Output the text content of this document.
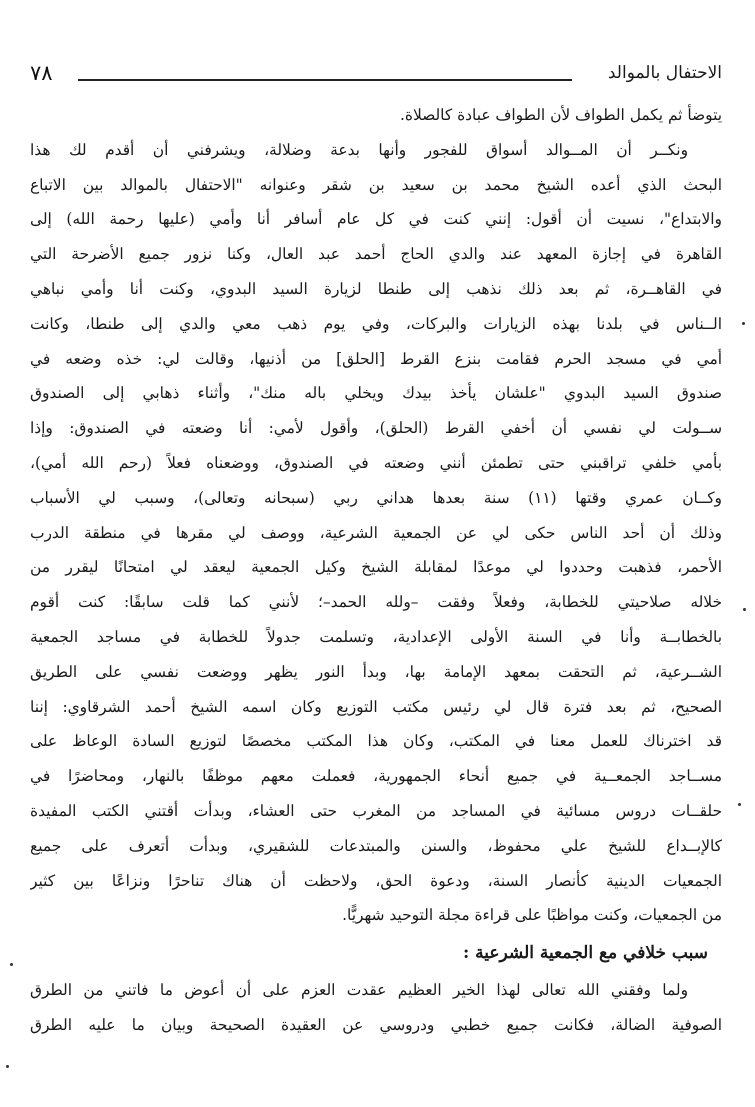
٧٨	الاحتفال بالموالد
يتوضأ ثم يكمل الطواف لأن الطواف عبادة كالصلاة.
ونكــر أن المــوالد أسواق للفجور وأنها بدعة وضلالة، ويشرفني أن أقدم لك هذا
البحث الذي أعده الشيخ محمد بن سعيد بن شقر وعنوانه "الاحتفال بالموالد بين الاتباع
والابتداع"، نسيت أن أقول: إنني كنت في كل عام أسافر أنا وأمي (عليها رحمة الله) إلى
القاهرة في إجازة المعهد عند والدي الحاج أحمد عبد العال، وكنا نزور جميع الأضرحة التي
في القاهــرة، ثم بعد ذلك نذهب إلى طنطا لزيارة السيد البدوي، وكنت أنا وأمي نباهي
الــناس في بلدنا بهذه الزيارات والبركات، وفي يوم ذهب معي والدي إلى طنطا، وكانت
أمي في مسجد الحرم فقامت بنزع القرط [الحلق] من أذنيها، وقالت لي: خذه وضعه في
صندوق السيد البدوي "علشان يأخذ بيدك ويخلي باله منك"، وأثناء ذهابي إلى الصندوق
ســولت لي نفسي أن أخفي القرط (الحلق)، وأقول لأمي: أنا وضعته في الصندوق: وإذا
بأمي خلفي تراقبني حتى تطمئن أنني وضعته في الصندوق، ووضعناه فعلاً (رحم الله أمي)،
وكــان عمري وقتها (١١) سنة بعدها هداني ربي (سبحانه وتعالى)، وسبب لي الأسباب
وذلك أن أحد الناس حكى لي عن الجمعية الشرعية، ووصف لي مقرها في منطقة الدرب
الأحمر، فذهبت وحددوا لي موعدًا لمقابلة الشيخ وكيل الجمعية ليعقد لي امتحانًا ليقرر من
خلاله صلاحيتي للخطابة، وفعلاً وفقت –ولله الحمد–؛ لأنني كما قلت سابقًا: كنت أقوم
بالخطابــة وأنا في السنة الأولى الإعدادية، وتسلمت جدولاً للخطابة في مساجد الجمعية
الشــرعية، ثم التحقت بمعهد الإمامة بها، وبدأ النور يظهر ووضعت نفسي على الطريق
الصحيح، ثم بعد فترة قال لي رئيس مكتب التوزيع وكان اسمه الشيخ أحمد الشرقاوي: إننا
قد اخترناك للعمل معنا في المكتب، وكان هذا المكتب مخصصًا لتوزيع السادة الوعاظ على
مســاجد الجمعــية في جميع أنحاء الجمهورية، فعملت معهم موظفًا بالنهار، ومحاضرًا في
حلقــات دروس مسائية في المساجد من المغرب حتى العشاء، وبدأت أقتني الكتب المفيدة
كالإبــداع للشيخ علي محفوظ، والسنن والمبتدعات للشقيري، وبدأت أتعرف على جميع
الجمعيات الدينية كأنصار السنة، ودعوة الحق، ولاحظت أن هناك تناحرًا ونزاعًا بين كثير
من الجمعيات، وكنت مواظبًا على قراءة مجلة التوحيد شهريًّا.
سبب خلافي مع الجمعية الشرعية :
ولما وفقني الله تعالى لهذا الخير العظيم عقدت العزم على أن أعوض ما فاتني من الطرق
الصوفية الضالة، فكانت جميع خطبي ودروسي عن العقيدة الصحيحة وبيان ما عليه الطرق
